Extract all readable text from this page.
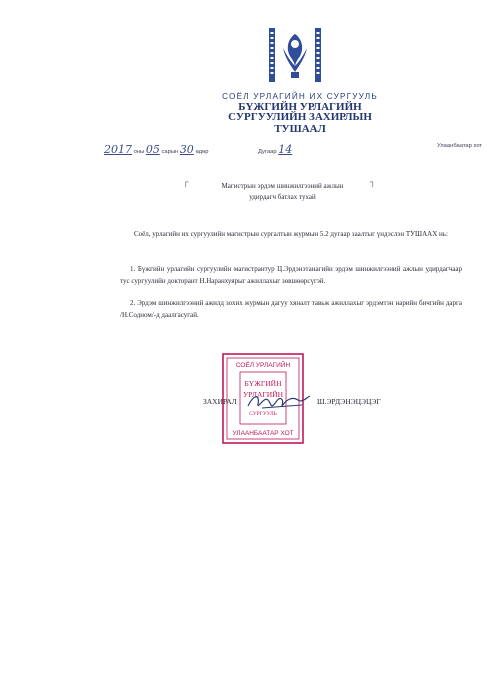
СОЁЛ УРЛАГИЙН ИХ СУРГУУЛЬ
БҮЖГИЙН УРЛАГИЙН
СУРГУУЛИЙН ЗАХИРЛЫН
ТУШААЛ
2017 оны 05 сарын 30 өдөр	Дугаар 14	Улаанбаатар хот
┌	┐
Магистрын эрдэм шинжилгээний ажлын
удирдагч батлах тухай
Соёл, урлагийн их сургуулийн магистрын сургалтын журмын 5.2 дугаар заалтыг үндэслэн ТУШААХ нь:
1. Бүжгийн урлагийн сургуулийн магистрантур Ц.Эрдэнэтанагийн эрдэм шинжилгээний ажлын удирдагчаар тус сургуулийн докторант Н.Наранхуярыг ажиллахыг зөвшөөрсүгэй.
2. Эрдэм шинжилгээний ажилд зохих журмын дагуу хяналт тавьж ажиллахыг эрдэмтэн нарийн бичгийн дарга /Н.Содном/-д даалгасугай.
СОЁЛ УРЛАГИЙН
БҮЖГИЙН
УРЛАГИЙН
СУРГУУЛЬ
УЛААНБААТАР ХОТ
ЗАХИРАЛ	Ш.ЭРДЭНЭЦЭЦЭГ
